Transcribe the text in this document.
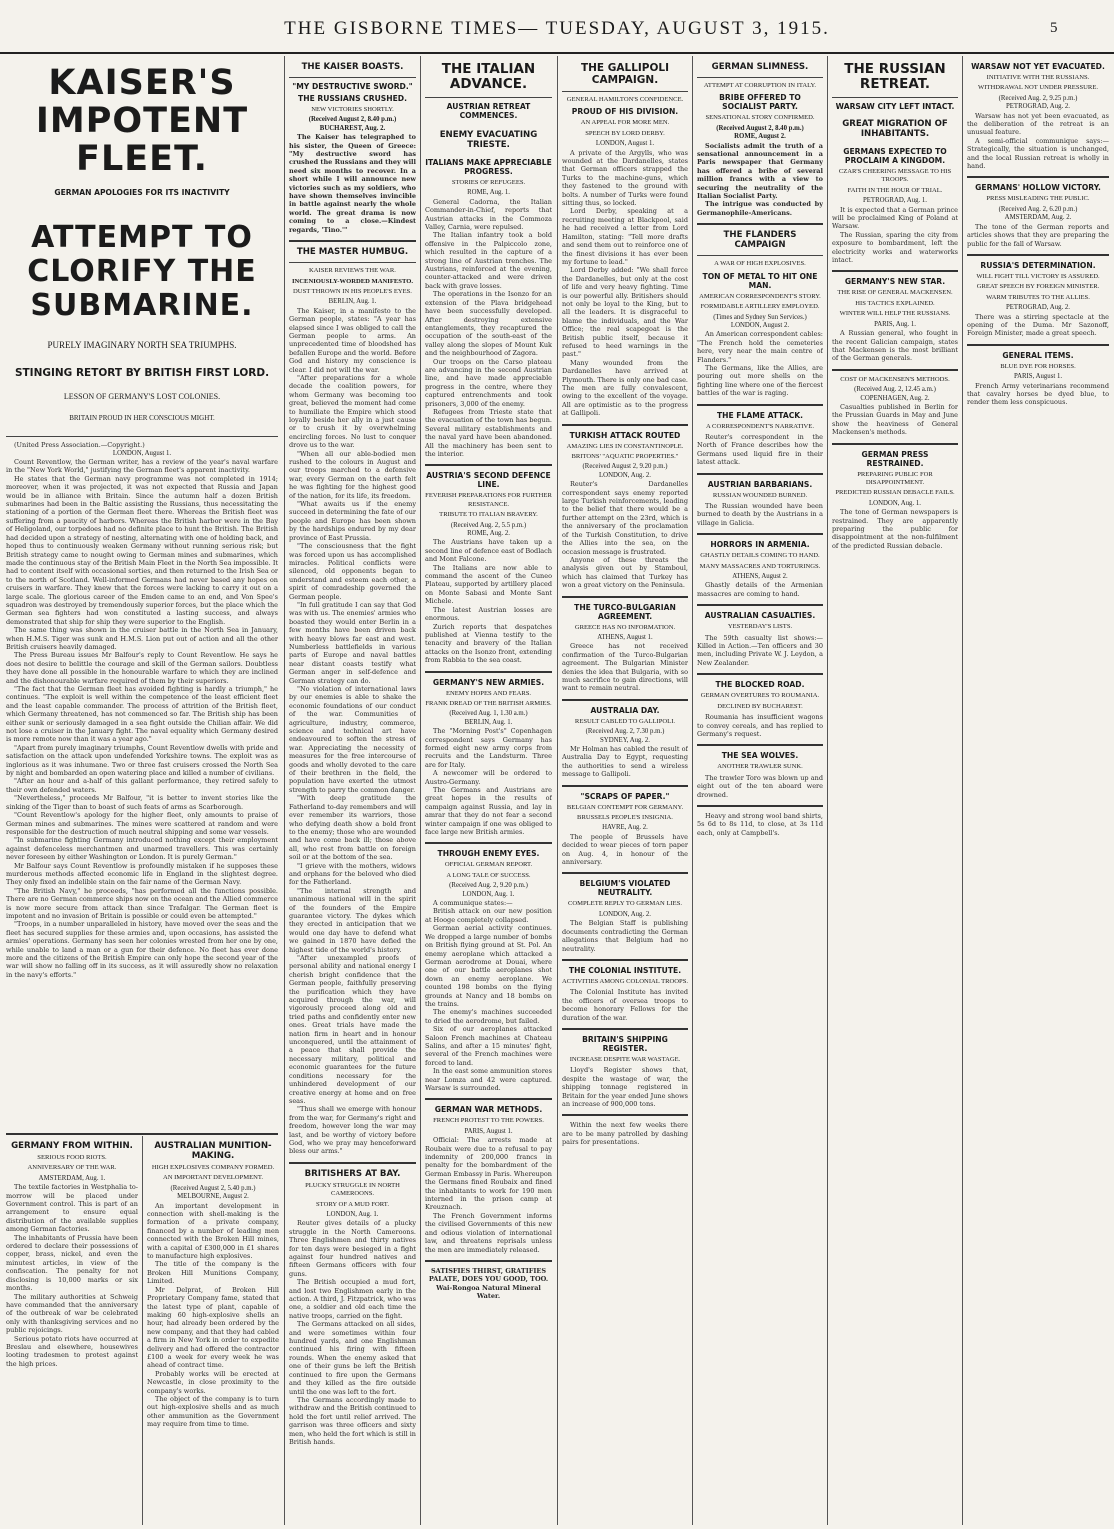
THE GISBORNE TIMES— TUESDAY, AUGUST 3, 1915.	5
KAISER'S IMPOTENT FLEET.
GERMAN APOLOGIES FOR ITS INACTIVITY
ATTEMPT TO CLORIFY THE SUBMARINE.
PURELY IMAGINARY NORTH SEA TRIUMPHS.
STINGING RETORT BY BRITISH FIRST LORD.
LESSON OF GERMANY'S LOST COLONIES.
BRITAIN PROUD IN HER CONSCIOUS MIGHT.

(United Press Association.—Copyright.)

LONDON, August 1.

Count Reventlow, the German writer, has a review of the year's naval warfare in the "New York World," justifying the German fleet's apparent inactivity.

He states that the German navy programme was not completed in 1914; moreover, when it was projected, it was not expected that Russia and Japan would be in alliance with Britain. Since the autumn half a dozen British submarines had been in the Baltic assisting the Russians, thus necessitating the stationing of a portion of the German fleet there. Whereas the British fleet was suffering from a paucity of harbors. Whereas the British harbor were in the Bay of Heligoland, our torpedoes had no definite place to hunt the British. The British had decided upon a strategy of nesting, alternating with one of holding back, and hoped thus to continuously weaken Germany without running serious risk; but British strategy came to nought owing to German mines and submarines, which made the continuous stay of the British Main Fleet in the North Sea impossible. It had to content itself with occasional sorties, and then returned to the Irish Sea or to the north of Scotland. Well-informed Germans had never based any hopes on cruisers in warfare. They knew that the forces were lacking to carry it out on a large scale. The glorious career of the Emden came to an end, and Von Spee's squadron was destroyed by tremendously superior forces, but the place which the German sea fighters had won constituted a lasting success, and always demonstrated that ship for ship they were superior to the English.

The same thing was shown in the cruiser battle in the North Sea in January, when H.M.S. Tiger was sunk and H.M.S. Lion put out of action and all the other British cruisers heavily damaged.

The Press Bureau issues Mr Balfour's reply to Count Reventlow. He says he does not desire to belittle the courage and skill of the German sailors. Doubtless they have done all possible in the honourable warfare to which they are inclined and the dishonourable warfare required of them by their superiors.

"The fact that the German fleet has avoided fighting is hardly a triumph," he continues. "The exploit is well within the competence of the least efficient fleet and the least capable commander. The process of attrition of the British fleet, which Germany threatened, has not commenced so far. The British ship has been either sunk or seriously damaged in a sea fight outside the Chilian affair. We did not lose a cruiser in the January fight. The naval equality which Germany desired is more remote now than it was a year ago."

"Apart from purely imaginary triumphs, Count Reventlow dwells with pride and satisfaction on the attack upon undefended Yorkshire towns. The exploit was as inglorious as it was inhumane. Two or three fast cruisers crossed the North Sea by night and bombarded an open watering place and killed a number of civilians.

"After an hour and a-half of this gallant performance, they retired safely to their own defended waters.

"Nevertheless," proceeds Mr Balfour, "it is better to invent stories like the sinking of the Tiger than to boast of such feats of arms as Scarborough.

"Count Reventlow's apology for the higher fleet, only amounts to praise of German mines and submarines. The mines were scattered at random and were responsible for the destruction of much neutral shipping and some war vessels.

"In submarine fighting Germany introduced nothing except their employment against defenceless merchantmen and unarmed travellers. This was certainly never foreseen by either Washington or London. It is purely German."

Mr Balfour says Count Reventlow is profoundly mistaken if he supposes these murderous methods affected economic life in England in the slightest degree. They only fixed an indelible stain on the fair name of the German Navy.

"The British Navy," he proceeds, "has performed all the functions possible. There are no German commerce ships now on the ocean and the Allied commerce is now more secure from attack than since Trafalgar. The German fleet is impotent and no invasion of Britain is possible or could even be attempted."

"Troops, in a number unparalleled in history, have moved over the seas and the fleet has secured supplies for these armies and, upon occasions, has assisted the armies' operations. Germany has seen her colonies wrested from her one by one, while unable to land a man or a gun for their defence. No fleet has ever done more and the citizens of the British Empire can only hope the second year of the war will show no falling off in its success, as it will assuredly show no relaxation in the navy's efforts."

GERMANY FROM WITHIN.
SERIOUS FOOD RIOTS.
ANNIVERSARY OF THE WAR.
AMSTERDAM, Aug. 1.

The textile factories in Westphalia to-morrow will be placed under Government control. This is part of an arrangement to ensure equal distribution of the available supplies among German factories.

The inhabitants of Prussia have been ordered to declare their possessions of copper, brass, nickel, and even the minutest articles, in view of the confiscation. The penalty for not disclosing is 10,000 marks or six months.

The military authorities at Schweig have commanded that the anniversary of the outbreak of war be celebrated only with thanksgiving services and no public rejoicings.

Serious potato riots have occurred at Breslau and elsewhere, housewives looting tradesmen to protest against the high prices.

AUSTRALIAN MUNITION-MAKING.
HIGH EXPLOSIVES COMPANY FORMED.
AN IMPORTANT DEVELOPMENT.
(Received August 2, 5.40 p.m.)
MELBOURNE, August 2.

An important development in connection with shell-making is the formation of a private company, financed by a number of leading men connected with the Broken Hill mines, with a capital of £300,000 in £1 shares to manufacture high explosives.

The title of the company is the Broken Hill Munitions Company, Limited.

Mr Delprat, of Broken Hill Proprietary Company fame, stated that the latest type of plant, capable of making 60 high-explosive shells an hour, had already been ordered by the new company, and that they had cabled a firm in New York in order to expedite delivery and had offered the contractor £100 a week for every week he was ahead of contract time.

Probably works will be erected at Newcastle, in close proximity to the company's works.

The object of the company is to turn out high-explosive shells and as much other ammunition as the Government may require from time to time.

THE KAISER BOASTS.
"MY DESTRUCTIVE SWORD."
THE RUSSIANS CRUSHED.
NEW VICTORIES SHORTLY.
(Received August 2, 8.40 p.m.)
BUCHAREST, Aug. 2.

The Kaiser has telegraphed to his sister, the Queen of Greece: "My destructive sword has crushed the Russians and they will need six months to recover. In a short while I will announce new victories such as my soldiers, who have shown themselves invincible in battle against nearly the whole world. The great drama is now coming to a close.—Kindest regards, 'Tino.'"

THE MASTER HUMBUG.
KAISER REVIEWS THE WAR.
INCENIOUSLY-WORDED MANIFESTO.
DUST THROWN IN HIS PEOPLE'S EYES.
BERLIN, Aug. 1.

The Kaiser, in a manifesto to the German people, states: "A year has elapsed since I was obliged to call the German people to arms. An unprecedented time of bloodshed has befallen Europe and the world. Before God and history my conscience is clear. I did not will the war.

"After preparations for a whole decade the coalition powers, for whom Germany was becoming too great, believed the moment had come to humiliate the Empire which stood loyally beside her ally in a just cause or to crush it by overwhelming encircling forces. No lust to conquer drove us to the war.

"When all our able-bodied men rushed to the colours in August and our troops marched to a defensive war, every German on the earth felt he was fighting for the highest good of the nation, for its life, its freedom.

"What awaits us if the enemy succeed in determining the fate of our people and Europe has been shown by the hardships endured by my dear province of East Prussia.

"The consciousness that the fight was forced upon us has accomplished miracles. Political conflicts were silenced, old opponents began to understand and esteem each other, a spirit of comradeship governed the German people.

"In full gratitude I can say that God was with us. The enemies' armies who boasted they would enter Berlin in a few months have been driven back with heavy blows far east and west. Numberless battlefields in various parts of Europe and naval battles near distant coasts testify what German anger in self-defence and German strategy can do.

"No violation of international laws by our enemies is able to shake the economic foundations of our conduct of the war. Communities of agriculture, industry, commerce, science and technical art have endeavoured to soften the stress of war. Appreciating the necessity of measures for the free intercourse of goods and wholly devoted to the care of their brethren in the field, the population have exerted the utmost strength to parry the common danger.

"With deep gratitude the Fatherland to-day remembers and will ever remember its warriors, those who defying death show a bold front to the enemy; those who are wounded and have come back ill; those above all, who rest from battle on foreign soil or at the bottom of the sea.

"I grieve with the mothers, widows and orphans for the beloved who died for the Fatherland.

"The internal strength and unanimous national will in the spirit of the founders of the Empire guarantee victory. The dykes which they erected in anticipation that we would one day have to defend what we gained in 1870 have defied the highest tide of the world's history.

"After unexampled proofs of personal ability and national energy I cherish bright confidence that the German people, faithfully preserving the purification which they have acquired through the war, will vigorously proceed along old and tried paths and confidently enter new ones. Great trials have made the nation firm in heart and in honour unconquered, until the attainment of a peace that shall provide the necessary military, political and economic guarantees for the future conditions necessary for the unhindered development of our creative energy at home and on free seas.

"Thus shall we emerge with honour from the war, for Germany's right and freedom, however long the war may last, and be worthy of victory before God, who we pray may henceforward bless our arms."

BRITISHERS AT BAY.
PLUCKY STRUGGLE IN NORTH CAMEROONS.
STORY OF A MUD FORT.
LONDON, Aug. 1.

Reuter gives details of a plucky struggle in the North Cameroons. Three Englishmen and thirty natives for ten days were besieged in a fight against four hundred natives and fifteen Germans officers with four guns.

The British occupied a mud fort, and lost two Englishmen early in the action. A third, J. Fitzpatrick, who was one, a soldier and old each time the native troops, carried on the fight.

The Germans attacked on all sides, and were sometimes within four hundred yards, and one Englishman continued his firing with fifteen rounds. When the enemy asked that one of their guns be left the British continued to fire upon the Germans and they killed as the fire outside until the one was left to the fort.

The Germans accordingly made to withdraw and the British continued to hold the fort until relief arrived. The garrison was three officers and sixty men, who held the fort which is still in British hands.

THE ITALIAN ADVANCE.
AUSTRIAN RETREAT COMMENCES.
ENEMY EVACUATING TRIESTE.
ITALIANS MAKE APPRECIABLE PROGRESS.
STORIES OF REFUGEES.
ROME, Aug. 1.

General Cadorna, the Italian Commander-in-Chief, reports that Austrian attacks in the Commoza Valley, Carnia, were repulsed.

The Italian infantry took a bold offensive in the Palpiccolo zone, which resulted in the capture of a strong line of Austrian trenches. The Austrians, reinforced at the evening, counter-attacked and were driven back with grave losses.

The operations in the Isonzo for an extension of the Plava bridgehead have been successfully developed. After destroying extensive entanglements, they recaptured the occupation of the south-east of the valley along the slopes of Mount Kuk and the neighbourhood of Zagora.

Our troops on the Carso plateau are advancing in the second Austrian line, and have made appreciable progress in the centre, where they captured entrenchments and took prisoners, 3,000 of the enemy.

Refugees from Trieste state that the evacuation of the town has begun. Several military establishments and the naval yard have been abandoned. All the machinery has been sent to the interior.

AUSTRIA'S SECOND DEFENCE LINE.
FEVERISH PREPARATIONS FOR FURTHER RESISTANCE.
TRIBUTE TO ITALIAN BRAVERY.
(Received Aug. 2, 5.5 p.m.)
ROME, Aug. 2.

The Austrians have taken up a second line of defence east of Bodlach and Mont Falcone.

The Italians are now able to command the ascent of the Cuneo Plateau, supported by artillery placed on Monte Sabasi and Monte Sant Michele.

The latest Austrian losses are enormous.

Zurich reports that despatches published at Vienna testify to the tenacity and bravery of the Italian attacks on the Isonzo front, extending from Rabbia to the sea coast.

GERMANY'S NEW ARMIES.
ENEMY HOPES AND FEARS.
FRANK DREAD OF THE BRITISH ARMIES.
(Received Aug. 1, 1.30 a.m.)
BERLIN, Aug. 1.

The "Morning Post's" Copenhagen correspondent says Germany has formed eight new army corps from recruits and the Landsturm. Three are for Italy.

A newcomer will be ordered to Austro-Germany.

The Germans and Austrians are great hopes in the results of campaign against Russia, and lay in amrar that they do not fear a second winter campaign if one was obliged to face large new British armies.

THROUGH ENEMY EYES.
OFFICIAL GERMAN REPORT.
A LONG TALE OF SUCCESS.
(Received Aug. 2, 9.20 p.m.)
LONDON, Aug. 1.

A communique states:—

British attack on our new position at Hooge completely collapsed.

German aerial activity continues. We dropped a large number of bombs on British flying ground at St. Pol. An enemy aeroplane which attacked a German aerodrome at Douai, where one of our battle aeroplanes shot down an enemy aeroplane. We counted 198 bombs on the flying grounds at Nancy and 18 bombs on the trains.

The enemy's machines succeeded to dried the aerodrome, but failed.

Six of our aeroplanes attacked Saloon French machines at Chateau Salins, and after a 15 minutes' fight, several of the French machines were forced to land.

In the east some ammunition stores near Lomza and 42 were captured. Warsaw is surrounded.

GERMAN WAR METHODS.
FRENCH PROTEST TO THE POWERS.
PARIS, August 1.

Official: The arrests made at Roubaix were due to a refusal to pay indemnity of 200,000 francs in penalty for the bombardment of the German Embassy in Paris. Whereupon the Germans fined Roubaix and fined the inhabitants to work for 190 men interned in the prison camp at Kreuznach.

The French Government informs the civilised Governments of this new and odious violation of international law, and threatens reprisals unless the men are immediately released.

SATISFIES THIRST, GRATIFIES PALATE, DOES YOU GOOD, TOO. Wai-Rongoa Natural Mineral Water.

THE GALLIPOLI CAMPAIGN.
GENERAL HAMILTON'S CONFIDENCE.
PROUD OF HIS DIVISION.
AN APPEAL FOR MORE MEN.
SPEECH BY LORD DERBY.
LONDON, August 1.

A private of the Argylls, who was wounded at the Dardanelles, states that German officers strapped the Turks to the machine-guns, which they fastened to the ground with bolts. A number of Turks were found sitting thus, so locked.

Lord Derby, speaking at a recruiting meeting at Blackpool, said he had received a letter from Lord Hamilton, stating: "Tell more drafts and send them out to reinforce one of the finest divisions it has ever been my fortune to lead."

Lord Derby added: "We shall force the Dardanelles, but only at the cost of life and very heavy fighting. Time is our powerful ally. Britishers should not only be loyal to the King, but to all the leaders. It is disgraceful to blame the individuals, and the War Office; the real scapegoat is the British public itself, because it refused to heed warnings in the past."

Many wounded from the Dardanelles have arrived at Plymouth. There is only one bad case. The men are fully convalescent, owing to the excellent of the voyage. All are optimistic as to the progress at Gallipoli.

TURKISH ATTACK ROUTED
AMAZING LIES IN CONSTANTINOPLE.
BRITONS' "AQUATIC PROPERTIES."
(Received August 2, 9.20 p.m.)
LONDON, Aug. 2.

Reuter's Dardanelles correspondent says enemy reported large Turkish reinforcements, leading to the belief that there would be a further attempt on the 23rd, which is the anniversary of the proclamation of the Turkish Constitution, to drive the Allies into the sea, on the occasion message is frustrated.

Anyone of these threats the analysis given out by Stamboul, which has claimed that Turkey has won a great victory on the Peninsula.

THE TURCO-BULGARIAN AGREEMENT.
GREECE HAS NO INFORMATION.
ATHENS, August 1.

Greece has not received confirmation of the Turco-Bulgarian agreement. The Bulgarian Minister denies the idea that Bulgaria, with so much sacrifice to gain directions, will want to remain neutral.

AUSTRALIA DAY.
RESULT CABLED TO GALLIPOLI.
(Received Aug. 2, 7.30 p.m.)
SYDNEY, Aug. 2.

Mr Holman has cabled the result of Australia Day to Egypt, requesting the authorities to send a wireless message to Gallipoli.

"SCRAPS OF PAPER."
BELGIAN CONTEMPT FOR GERMANY.
BRUSSELS PEOPLE'S INSIGNIA.
HAVRE, Aug. 2.

The people of Brussels have decided to wear pieces of torn paper on Aug. 4, in honour of the anniversary.

BELGIUM'S VIOLATED NEUTRALITY.
COMPLETE REPLY TO GERMAN LIES.
LONDON, Aug. 2.

The Belgian Staff is publishing documents contradicting the German allegations that Belgium had no neutrality.

THE COLONIAL INSTITUTE.
ACTIVITIES AMONG COLONIAL TROOPS.

The Colonial Institute has invited the officers of oversea troops to become honorary Fellows for the duration of the war.

BRITAIN'S SHIPPING REGISTER.
INCREASE DESPITE WAR WASTAGE.

Lloyd's Register shows that, despite the wastage of war, the shipping tonnage registered in Britain for the year ended June shows an increase of 900,000 tons.

Within the next few weeks there are to be many patrolled by dashing pairs for presentations.

GERMAN SLIMNESS.
ATTEMPT AT CORRUPTION IN ITALY.
BRIBE OFFERED TO SOCIALIST PARTY.
SENSATIONAL STORY CONFIRMED.
(Received August 2, 8.40 p.m.)
ROME, August 2.

Socialists admit the truth of a sensational announcement in a Paris newspaper that Germany has offered a bribe of several million francs with a view to securing the neutrality of the Italian Socialist Party.

The intrigue was conducted by Germanophile-Americans.

THE FLANDERS CAMPAIGN
A WAR OF HIGH EXPLOSIVES.
TON OF METAL TO HIT ONE MAN.
AMERICAN CORRESPONDENT'S STORY.
FORMIDABLE ARTILLERY EMPLOYED.
(Times and Sydney Sun Services.)
LONDON, August 2.

An American correspondent cables: "The French hold the cemeteries here, very near the main centre of Flanders."

The Germans, like the Allies, are pouring out more shells on the fighting line where one of the fiercest battles of the war is raging.

THE FLAME ATTACK.
A CORRESPONDENT'S NARRATIVE.

Reuter's correspondent in the North of France describes how the Germans used liquid fire in their latest attack.

AUSTRIAN BARBARIANS.
RUSSIAN WOUNDED BURNED.

The Russian wounded have been burned to death by the Austrians in a village in Galicia.

HORRORS IN ARMENIA.
GHASTLY DETAILS COMING TO HAND.
MANY MASSACRES AND TORTURINGS.
ATHENS, August 2.

Ghastly details of the Armenian massacres are coming to hand.

AUSTRALIAN CASUALTIES.
YESTERDAY'S LISTS.

The 59th casualty list shows:—Killed in Action.—Ten officers and 30 men, including Private W. J. Leydon, a New Zealander.

THE BLOCKED ROAD.
GERMAN OVERTURES TO ROUMANIA.
DECLINED BY BUCHAREST.

Roumania has insufficient wagons to convey cereals, and has replied to Germany's request.

THE SEA WOLVES.
ANOTHER TRAWLER SUNK.

The trawler Toro was blown up and eight out of the ten aboard were drowned.

Heavy and strong wool band shirts, 5s 6d to 8s 11d, to close, at 3s 11d each, only at Campbell's.

THE RUSSIAN RETREAT.
WARSAW CITY LEFT INTACT.
GREAT MIGRATION OF INHABITANTS.
GERMANS EXPECTED TO PROCLAIM A KINGDOM.
CZAR'S CHEERING MESSAGE TO HIS TROOPS.
FAITH IN THE HOUR OF TRIAL.
PETROGRAD, Aug. 1.

It is expected that a German prince will be proclaimed King of Poland at Warsaw.

The Russian, sparing the city from exposure to bombardment, left the electricity works and waterworks intact.

GERMANY'S NEW STAR.
THE RISE OF GENERAL MACKENSEN.
HIS TACTICS EXPLAINED.
WINTER WILL HELP THE RUSSIANS.
PARIS, Aug. 1.

A Russian general, who fought in the recent Galician campaign, states that Mackensen is the most brilliant of the German generals.

COST OF MACKENSEN'S METHODS.
(Received Aug. 2, 12.45 a.m.)
COPENHAGEN, Aug. 2.

Casualties published in Berlin for the Prussian Guards in May and June show the heaviness of General Mackensen's methods.

GERMAN PRESS RESTRAINED.
PREPARING PUBLIC FOR DISAPPOINTMENT.
PREDICTED RUSSIAN DEBACLE FAILS.
LONDON, Aug. 1.

The tone of German newspapers is restrained. They are apparently preparing the public for disappointment at the non-fulfilment of the predicted Russian debacle.

WARSAW NOT YET EVACUATED.
INITIATIVE WITH THE RUSSIANS.
WITHDRAWAL NOT UNDER PRESSURE.
(Received Aug. 2, 9.25 p.m.)
PETROGRAD, Aug. 2.

Warsaw has not yet been evacuated, as the deliberation of the retreat is an unusual feature.

A semi-official communique says:—Strategically, the situation is unchanged, and the local Russian retreat is wholly in hand.

GERMANS' HOLLOW VICTORY.
PRESS MISLEADING THE PUBLIC.
(Received Aug. 2, 6.20 p.m.)
AMSTERDAM, Aug. 2.

The tone of the German reports and articles shows that they are preparing the public for the fall of Warsaw.

RUSSIA'S DETERMINATION.
WILL FIGHT TILL VICTORY IS ASSURED.
GREAT SPEECH BY FOREIGN MINISTER.
WARM TRIBUTES TO THE ALLIES.
PETROGRAD, Aug. 2.

There was a stirring spectacle at the opening of the Duma. Mr Sazonoff, Foreign Minister, made a great speech.

GENERAL ITEMS.
BLUE DYE FOR HORSES.
PARIS, August 1.

French Army veterinarians recommend that cavalry horses be dyed blue, to render them less conspicuous.
